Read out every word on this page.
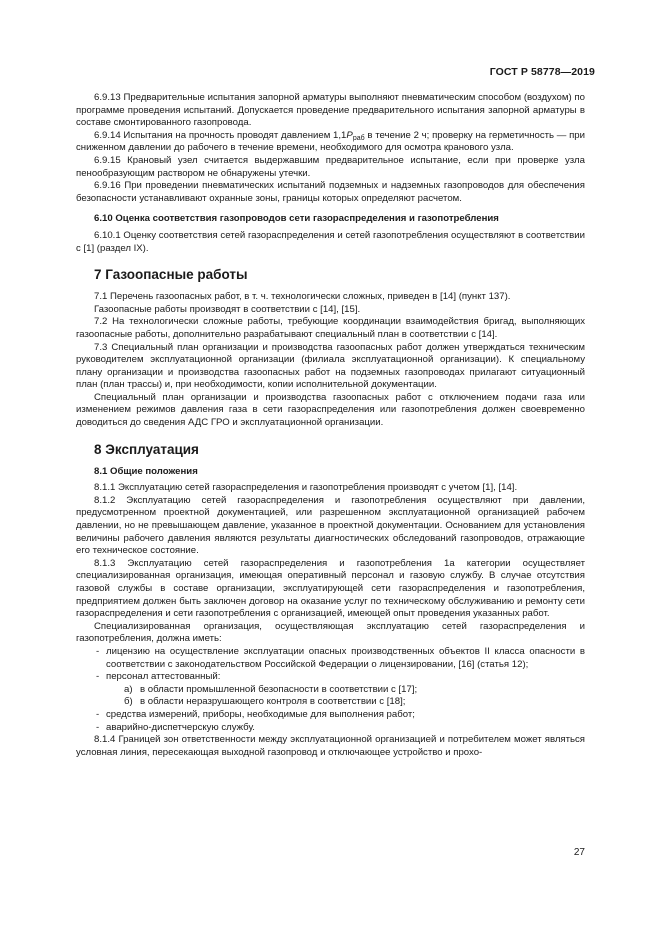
ГОСТ Р 58778—2019

6.9.13 Предварительные испытания запорной арматуры выполняют пневматическим способом (воздухом) по программе проведения испытаний. Допускается проведение предварительного испытания запорной арматуры в составе смонтированного газопровода.

6.9.14 Испытания на прочность проводят давлением $1,1P_{раб}$ в течение 2 ч; проверку на герметичность — при сниженном давлении до рабочего в течение времени, необходимого для осмотра кранового узла.

6.9.15 Крановый узел считается выдержавшим предварительное испытание, если при проверке узла пенообразующим раствором не обнаружены утечки.

6.9.16 При проведении пневматических испытаний подземных и надземных газопроводов для обеспечения безопасности устанавливают охранные зоны, границы которых определяют расчетом.

6.10 Оценка соответствия газопроводов сети газораспределения и газопотребления

6.10.1 Оценку соответствия сетей газораспределения и сетей газопотребления осуществляют в соответствии с [1] (раздел IX).

7 Газоопасные работы

7.1 Перечень газоопасных работ, в т. ч. технологически сложных, приведен в [14] (пункт 137).

Газоопасные работы производят в соответствии с [14], [15].

7.2 На технологически сложные работы, требующие координации взаимодействия бригад, выполняющих газоопасные работы, дополнительно разрабатывают специальный план в соответствии с [14].

7.3 Специальный план организации и производства газоопасных работ должен утверждаться техническим руководителем эксплуатационной организации (филиала эксплуатационной организации). К специальному плану организации и производства газоопасных работ на подземных газопроводах прилагают ситуационный план (план трассы) и, при необходимости, копии исполнительной документации.

Специальный план организации и производства газоопасных работ с отключением подачи газа или изменением режимов давления газа в сети газораспределения или газопотребления должен своевременно доводиться до сведения АДС ГРО и эксплуатационной организации.

8 Эксплуатация

8.1 Общие положения

8.1.1 Эксплуатацию сетей газораспределения и газопотребления производят с учетом [1], [14].

8.1.2 Эксплуатацию сетей газораспределения и газопотребления осуществляют при давлении, предусмотренном проектной документацией, или разрешенном эксплуатационной организацией рабочем давлении, но не превышающем давление, указанное в проектной документации. Основанием для установления величины рабочего давления являются результаты диагностических обследований газопроводов, отражающие его техническое состояние.

8.1.3 Эксплуатацию сетей газораспределения и газопотребления 1а категории осуществляет специализированная организация, имеющая оперативный персонал и газовую службу. В случае отсутствия газовой службы в составе организации, эксплуатирующей сети газораспределения и газопотребления, предприятием должен быть заключен договор на оказание услуг по техническому обслуживанию и ремонту сети газораспределения и сети газопотребления с организацией, имеющей опыт проведения указанных работ.

Специализированная организация, осуществляющая эксплуатацию сетей газораспределения и газопотребления, должна иметь:

- лицензию на осуществление эксплуатации опасных производственных объектов II класса опасности в соответствии с законодательством Российской Федерации о лицензировании, [16] (статья 12);

- персонал аттестованный:

а) в области промышленной безопасности в соответствии с [17];

б) в области неразрушающего контроля в соответствии с [18];

- средства измерений, приборы, необходимые для выполнения работ;

- аварийно-диспетчерскую службу.

8.1.4 Границей зон ответственности между эксплуатационной организацией и потребителем может являться условная линия, пересекающая выходной газопровод и отключающее устройство и прохо-

27
